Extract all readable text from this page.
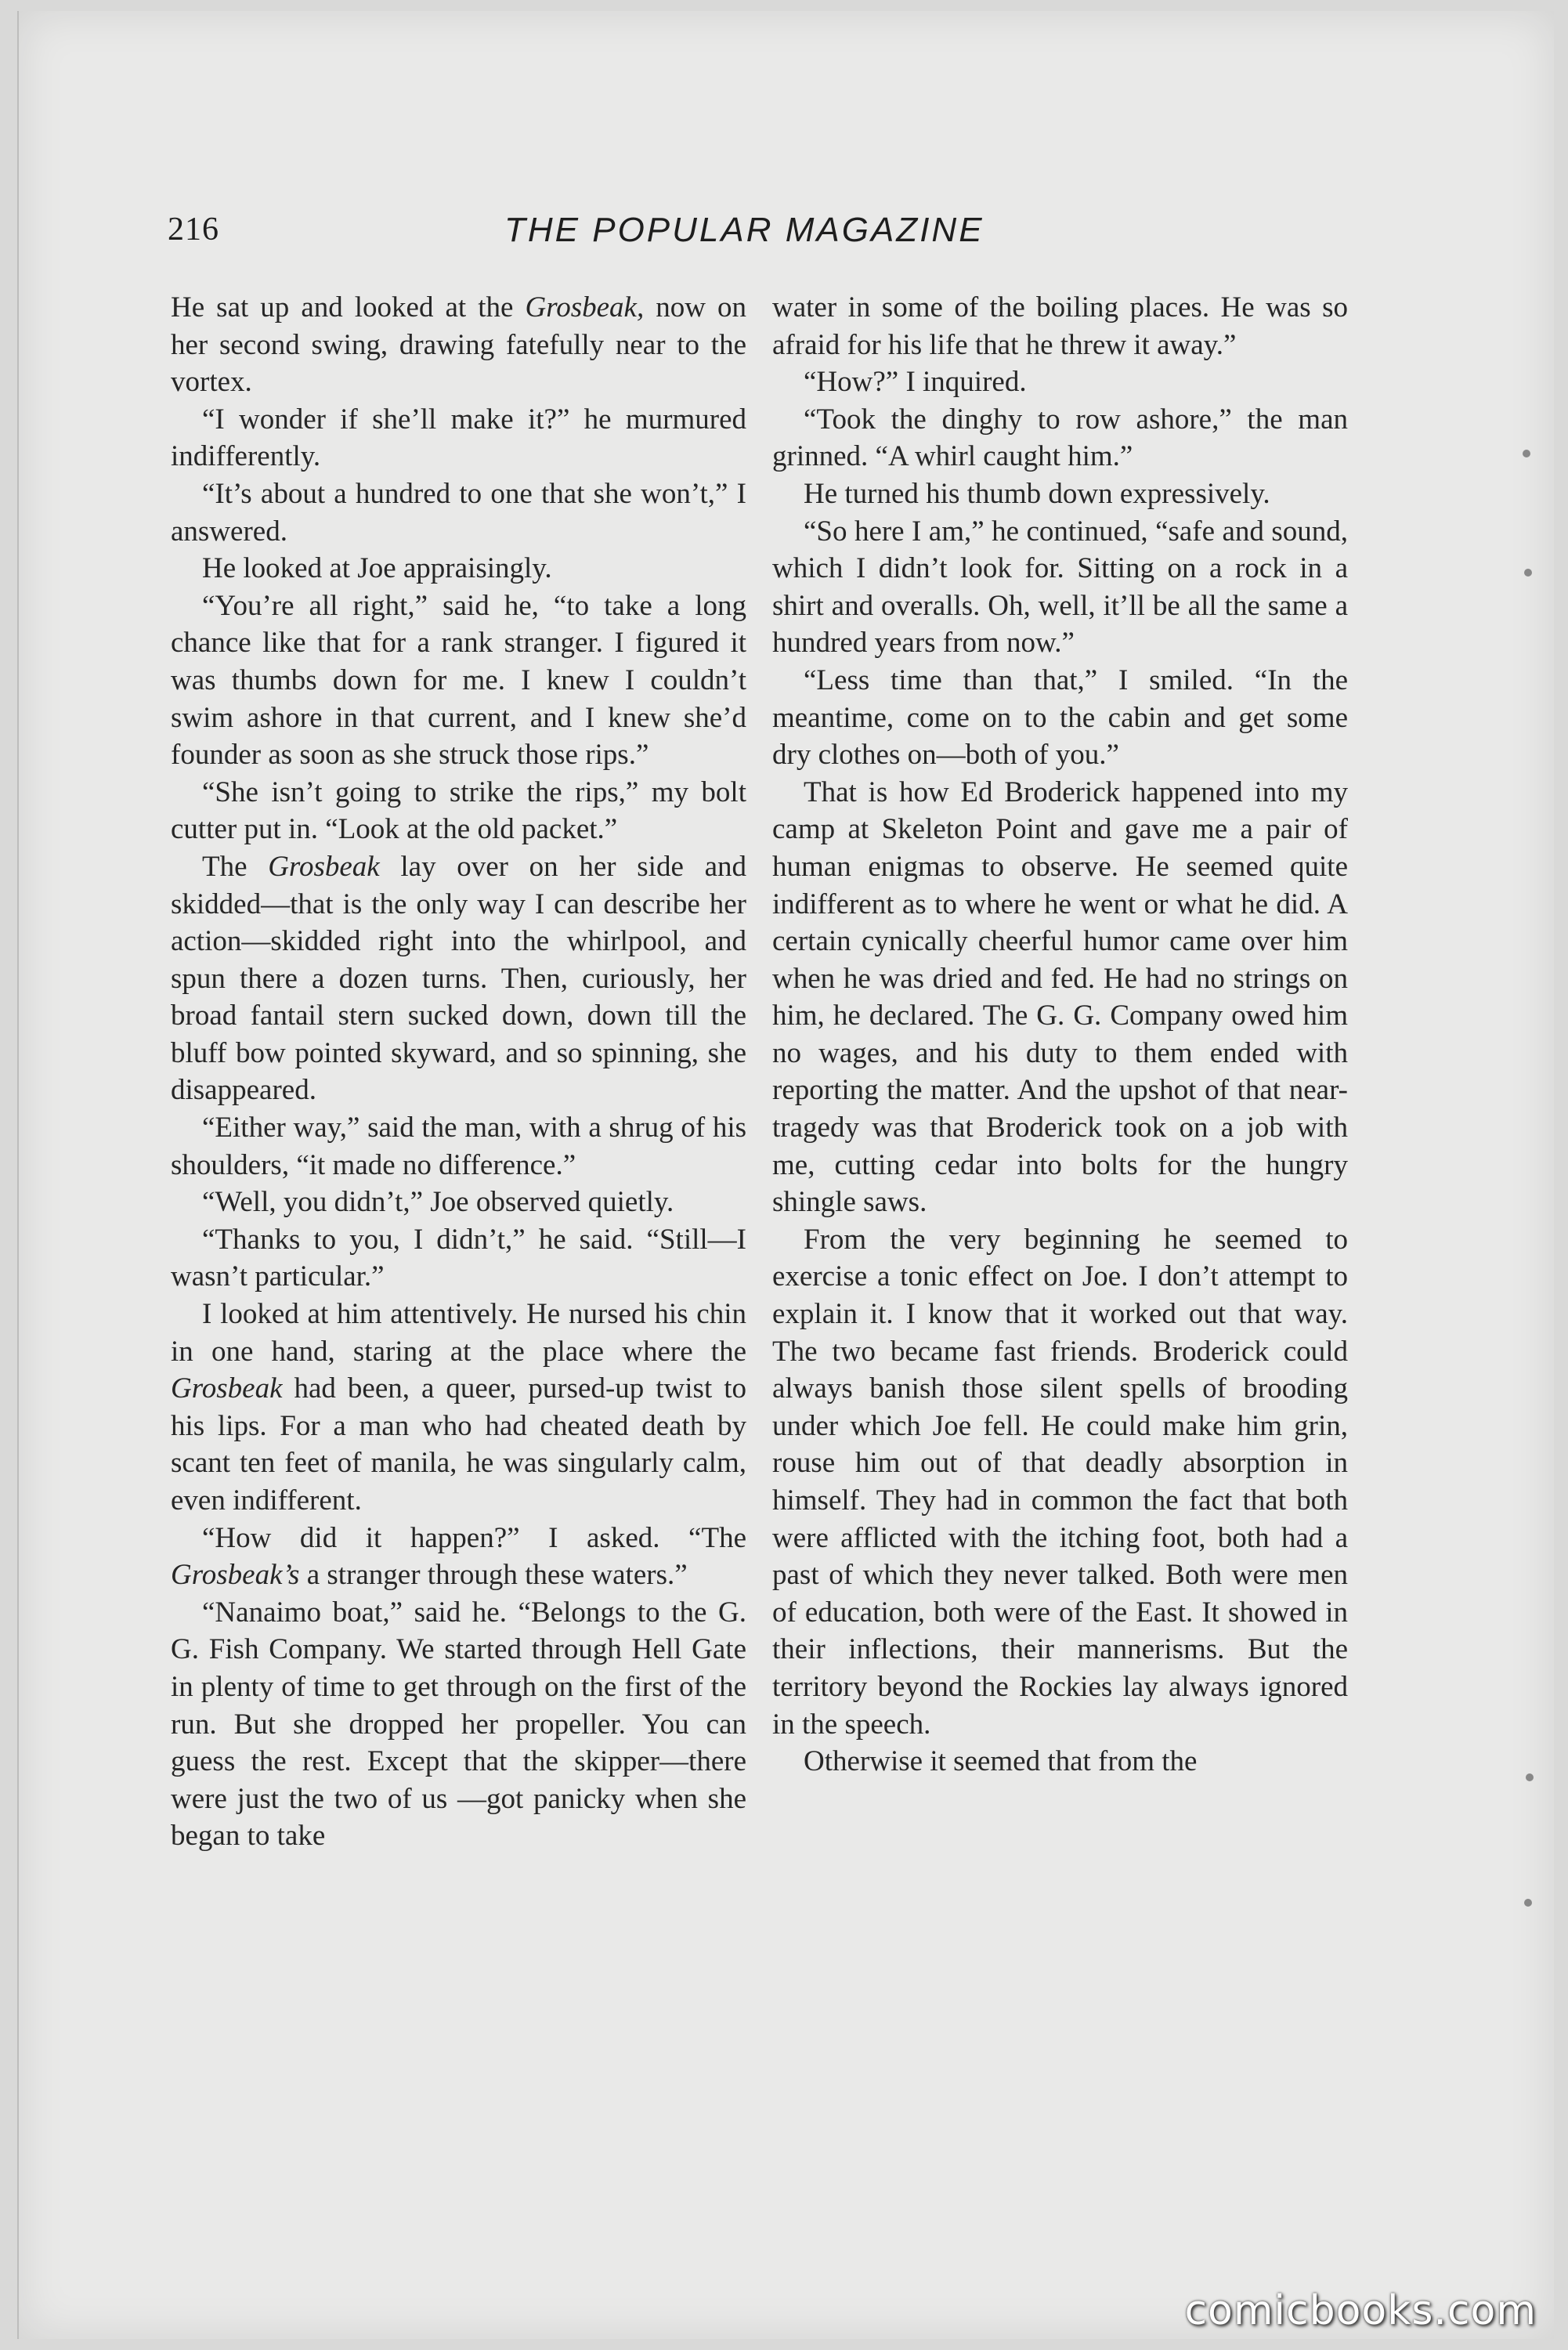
216	THE POPULAR MAGAZINE

He sat up and looked at the Grosbeak, now on her second swing, drawing fatefully near to the vortex.

“I wonder if she’ll make it?” he murmured indifferently.

“It’s about a hundred to one that she won’t,” I answered.

He looked at Joe appraisingly.

“You’re all right,” said he, “to take a long chance like that for a rank stranger. I figured it was thumbs down for me. I knew I couldn’t swim ashore in that current, and I knew she’d founder as soon as she struck those rips.”

“She isn’t going to strike the rips,” my bolt cutter put in. “Look at the old packet.”

The Grosbeak lay over on her side and skidded—that is the only way I can describe her action—skidded right into the whirlpool, and spun there a dozen turns. Then, curiously, her broad fantail stern sucked down, down till the bluff bow pointed skyward, and so spinning, she disappeared.

“Either way,” said the man, with a shrug of his shoulders, “it made no difference.”

“Well, you didn’t,” Joe observed quietly.

“Thanks to you, I didn’t,” he said. “Still—I wasn’t particular.”

I looked at him attentively. He nursed his chin in one hand, staring at the place where the Grosbeak had been, a queer, pursed-up twist to his lips. For a man who had cheated death by scant ten feet of manila, he was singularly calm, even indifferent.

“How did it happen?” I asked. “The Grosbeak’s a stranger through these waters.”

“Nanaimo boat,” said he. “Belongs to the G. G. Fish Company. We started through Hell Gate in plenty of time to get through on the first of the run. But she dropped her propeller. You can guess the rest. Except that the skipper—there were just the two of us —got panicky when she began to take

water in some of the boiling places. He was so afraid for his life that he threw it away.”

“How?” I inquired.

“Took the dinghy to row ashore,” the man grinned. “A whirl caught him.”

He turned his thumb down expressively.

“So here I am,” he continued, “safe and sound, which I didn’t look for. Sitting on a rock in a shirt and overalls. Oh, well, it’ll be all the same a hundred years from now.”

“Less time than that,” I smiled. “In the meantime, come on to the cabin and get some dry clothes on—both of you.”

That is how Ed Broderick happened into my camp at Skeleton Point and gave me a pair of human enigmas to observe. He seemed quite indifferent as to where he went or what he did. A certain cynically cheerful humor came over him when he was dried and fed. He had no strings on him, he declared. The G. G. Company owed him no wages, and his duty to them ended with reporting the matter. And the upshot of that near-tragedy was that Broderick took on a job with me, cutting cedar into bolts for the hungry shingle saws.

From the very beginning he seemed to exercise a tonic effect on Joe. I don’t attempt to explain it. I know that it worked out that way. The two became fast friends. Broderick could always banish those silent spells of brooding under which Joe fell. He could make him grin, rouse him out of that deadly absorption in himself. They had in common the fact that both were afflicted with the itching foot, both had a past of which they never talked. Both were men of education, both were of the East. It showed in their inflections, their mannerisms. But the territory beyond the Rockies lay always ignored in the speech.

Otherwise it seemed that from the

comicbooks.com
